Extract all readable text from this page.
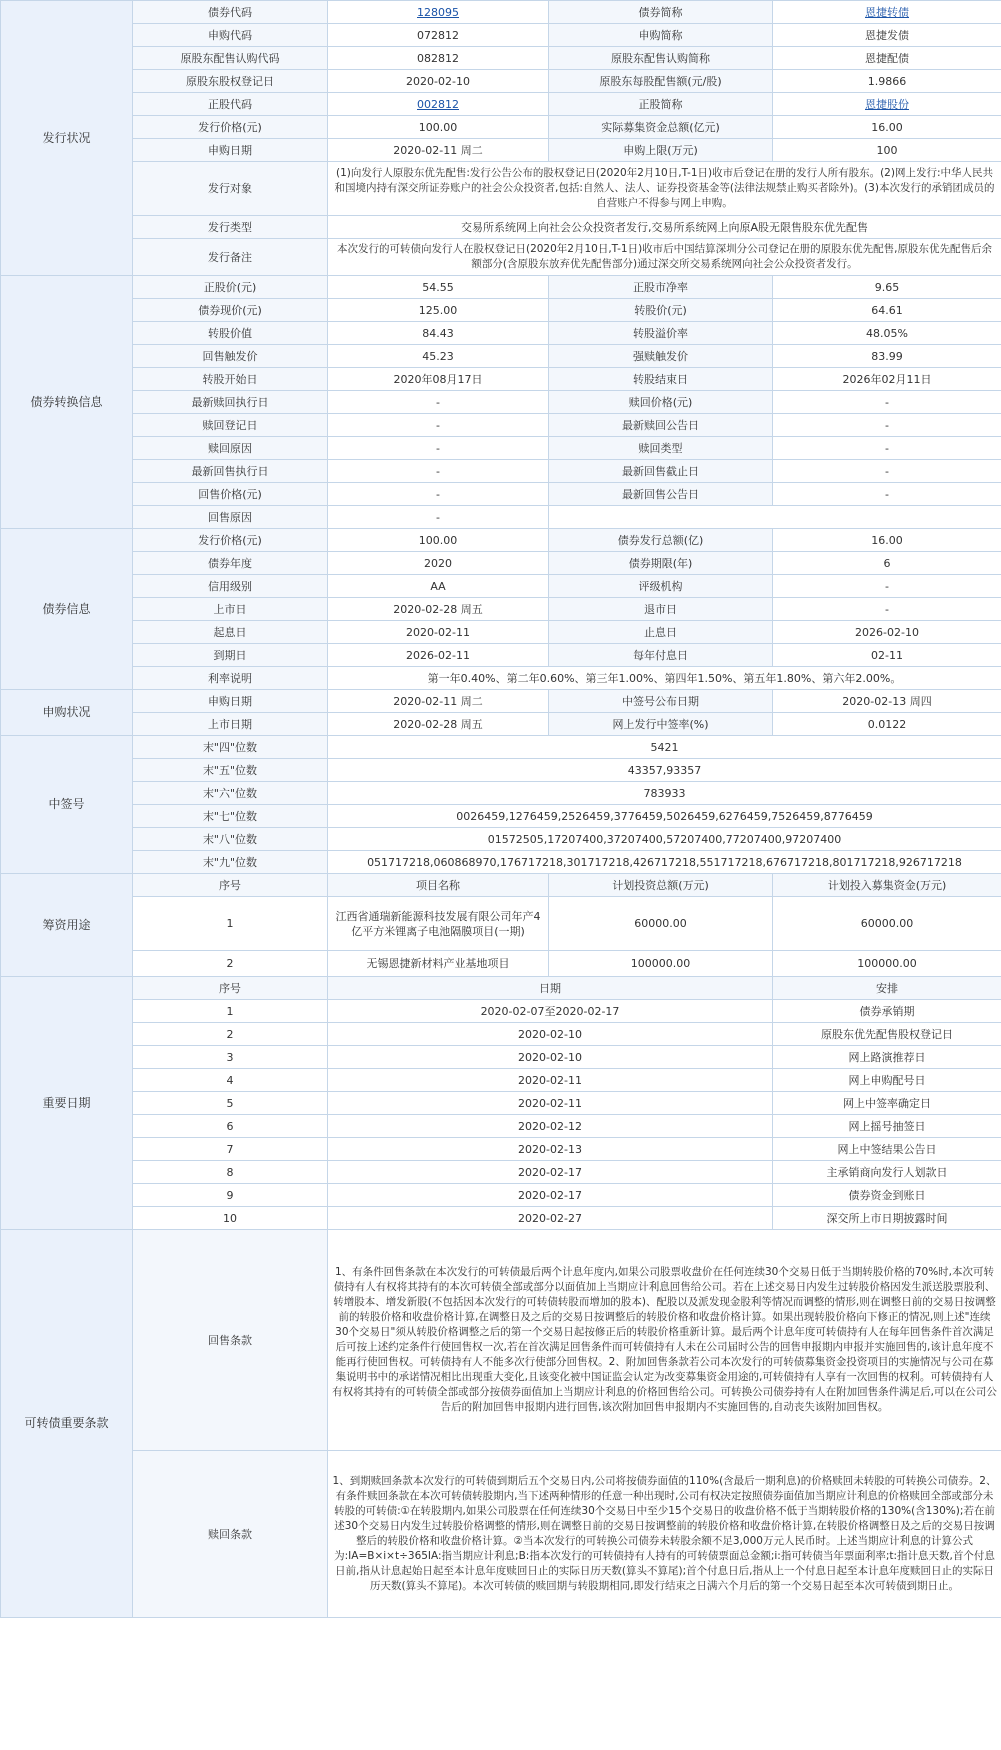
发行状况	债券代码	128095	债券简称	恩捷转债
	申购代码	072812	申购简称	恩捷发债
	原股东配售认购代码	082812	原股东配售认购简称	恩捷配债
	原股东股权登记日	2020-02-10	原股东每股配售额(元/股)	1.9866
	正股代码	002812	正股简称	恩捷股份
	发行价格(元)	100.00	实际募集资金总额(亿元)	16.00
	申购日期	2020-02-11 周二	申购上限(万元)	100
	发行对象	(1)向发行人原股东优先配售:发行公告公布的股权登记日(2020年2月10日,T-1日)收市后登记在册的发行人所有股东。(2)网上发行:中华人民共和国境内持有深交所证券账户的社会公众投资者,包括:自然人、法人、证券投资基金等(法律法规禁止购买者除外)。(3)本次发行的承销团成员的自营账户不得参与网上申购。		
	发行类型	交易所系统网上向社会公众投资者发行,交易所系统网上向原A股无限售股东优先配售		
	发行备注	本次发行的可转债向发行人在股权登记日(2020年2月10日,T-1日)收市后中国结算深圳分公司登记在册的原股东优先配售,原股东优先配售后余额部分(含原股东放弃优先配售部分)通过深交所交易系统网向社会公众投资者发行。		
债券转换信息	正股价(元)	54.55	正股市净率	9.65
	债券现价(元)	125.00	转股价(元)	64.61
	转股价值	84.43	转股溢价率	48.05%
	回售触发价	45.23	强赎触发价	83.99
	转股开始日	2020年08月17日	转股结束日	2026年02月11日
	最新赎回执行日	-	赎回价格(元)	-
	赎回登记日	-	最新赎回公告日	-
	赎回原因	-	赎回类型	-
	最新回售执行日	-	最新回售截止日	-
	回售价格(元)	-	最新回售公告日	-
	回售原因	-		
债券信息	发行价格(元)	100.00	债券发行总额(亿)	16.00
	债券年度	2020	债券期限(年)	6
	信用级别	AA	评级机构	-
	上市日	2020-02-28 周五	退市日	-
	起息日	2020-02-11	止息日	2026-02-10
	到期日	2026-02-11	每年付息日	02-11
	利率说明	第一年0.40%、第二年0.60%、第三年1.00%、第四年1.50%、第五年1.80%、第六年2.00%。		
申购状况	申购日期	2020-02-11 周二	中签号公布日期	2020-02-13 周四
	上市日期	2020-02-28 周五	网上发行中签率(%)	0.0122
中签号	末"四"位数	5421		
	末"五"位数	43357,93357		
	末"六"位数	783933		
	末"七"位数	0026459,1276459,2526459,3776459,5026459,6276459,7526459,8776459		
	末"八"位数	01572505,17207400,37207400,57207400,77207400,97207400		
	末"九"位数	051717218,060868970,176717218,301717218,426717218,551717218,676717218,801717218,926717218		
筹资用途	序号	项目名称	计划投资总额(万元)	计划投入募集资金(万元)
	1	江西省通瑞新能源科技发展有限公司年产4亿平方米锂离子电池隔膜项目(一期)	60000.00	60000.00
	2	无锡恩捷新材料产业基地项目	100000.00	100000.00
重要日期	序号	日期		安排
	1	2020-02-07至2020-02-17		债券承销期
	2	2020-02-10		原股东优先配售股权登记日
	3	2020-02-10		网上路演推荐日
	4	2020-02-11		网上申购配号日
	5	2020-02-11		网上中签率确定日
	6	2020-02-12		网上摇号抽签日
	7	2020-02-13		网上中签结果公告日
	8	2020-02-17		主承销商向发行人划款日
	9	2020-02-17		债券资金到账日
	10	2020-02-27		深交所上市日期披露时间
可转债重要条款	回售条款	1、有条件回售条款在本次发行的可转债最后两个计息年度内,如果公司股票收盘价在任何连续30个交易日低于当期转股价格的70%时,本次可转债持有人有权将其持有的本次可转债全部或部分以面值加上当期应计利息回售给公司。若在上述交易日内发生过转股价格因发生派送股票股利、转增股本、增发新股(不包括因本次发行的可转债转股而增加的股本)、配股以及派发现金股利等情况而调整的情形,则在调整日前的交易日按调整前的转股价格和收盘价格计算,在调整日及之后的交易日按调整后的转股价格和收盘价格计算。如果出现转股价格向下修正的情况,则上述"连续30个交易日"须从转股价格调整之后的第一个交易日起按修正后的转股价格重新计算。最后两个计息年度可转债持有人在每年回售条件首次满足后可按上述约定条件行使回售权一次,若在首次满足回售条件而可转债持有人未在公司届时公告的回售申报期内申报并实施回售的,该计息年度不能再行使回售权。可转债持有人不能多次行使部分回售权。2、附加回售条款若公司本次发行的可转债募集资金投资项目的实施情况与公司在募集说明书中的承诺情况相比出现重大变化,且该变化被中国证监会认定为改变募集资金用途的,可转债持有人享有一次回售的权利。可转债持有人有权将其持有的可转债全部或部分按债券面值加上当期应计利息的价格回售给公司。可转换公司债券持有人在附加回售条件满足后,可以在公司公告后的附加回售申报期内进行回售,该次附加回售申报期内不实施回售的,自动丧失该附加回售权。		
	赎回条款	1、到期赎回条款本次发行的可转债到期后五个交易日内,公司将按债券面值的110%(含最后一期利息)的价格赎回未转股的可转换公司债券。2、有条件赎回条款在本次可转债转股期内,当下述两种情形的任意一种出现时,公司有权决定按照债券面值加当期应计利息的价格赎回全部或部分未转股的可转债:①在转股期内,如果公司股票在任何连续30个交易日中至少15个交易日的收盘价格不低于当期转股价格的130%(含130%);若在前述30个交易日内发生过转股价格调整的情形,则在调整日前的交易日按调整前的转股价格和收盘价格计算,在转股价格调整日及之后的交易日按调整后的转股价格和收盘价格计算。②当本次发行的可转换公司债券未转股余额不足3,000万元人民币时。上述当期应计利息的计算公式为:IA=B×i×t÷365IA:指当期应计利息;B:指本次发行的可转债持有人持有的可转债票面总金额;i:指可转债当年票面利率;t:指计息天数,首个付息日前,指从计息起始日起至本计息年度赎回日止的实际日历天数(算头不算尾);首个付息日后,指从上一个付息日起至本计息年度赎回日止的实际日历天数(算头不算尾)。本次可转债的赎回期与转股期相同,即发行结束之日满六个月后的第一个交易日起至本次可转债到期日止。		
